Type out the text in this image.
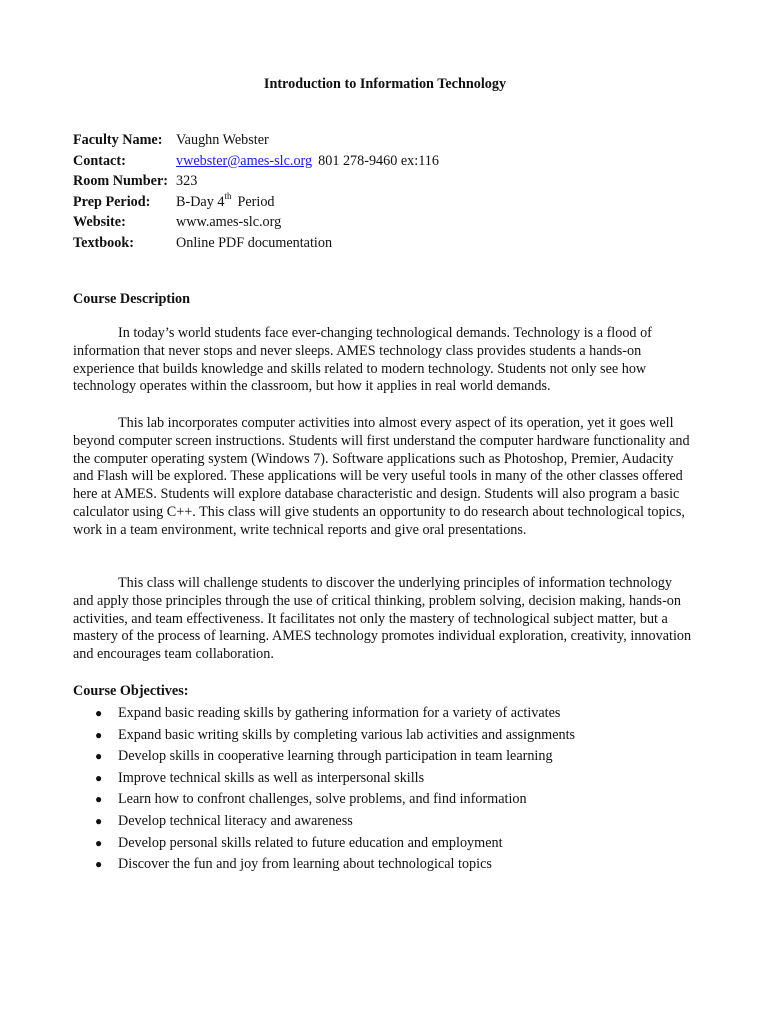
Introduction to Information Technology
Faculty Name: Vaughn Webster
Contact:	vwebster@ames-slc.org 801 278-9460 ex:116
Room Number: 323
Prep Period: B-Day 4th Period
Website:	www.ames-slc.org
Textbook:	Online PDF documentation
Course Description

In today’s world students face ever-changing technological demands. Technology is a flood of information that never stops and never sleeps. AMES technology class provides students a hands-on experience that builds knowledge and skills related to modern technology. Students not only see how technology operates within the classroom, but how it applies in real world demands.

This lab incorporates computer activities into almost every aspect of its operation, yet it goes well beyond computer screen instructions. Students will first understand the computer hardware functionality and the computer operating system (Windows 7). Software applications such as Photoshop, Premier, Audacity and Flash will be explored. These applications will be very useful tools in many of the other classes offered here at AMES. Students will explore database characteristic and design. Students will also program a basic calculator using C++. This class will give students an opportunity to do research about technological topics, work in a team environment, write technical reports and give oral presentations.

This class will challenge students to discover the underlying principles of information technology and apply those principles through the use of critical thinking, problem solving, decision making, hands-on activities, and team effectiveness. It facilitates not only the mastery of technological subject matter, but a mastery of the process of learning. AMES technology promotes individual exploration, creativity, innovation and encourages team collaboration.

Course Objectives:
● Expand basic reading skills by gathering information for a variety of activates
● Expand basic writing skills by completing various lab activities and assignments
● Develop skills in cooperative learning through participation in team learning
● Improve technical skills as well as interpersonal skills
● Learn how to confront challenges, solve problems, and find information
● Develop technical literacy and awareness
● Develop personal skills related to future education and employment
● Discover the fun and joy from learning about technological topics
